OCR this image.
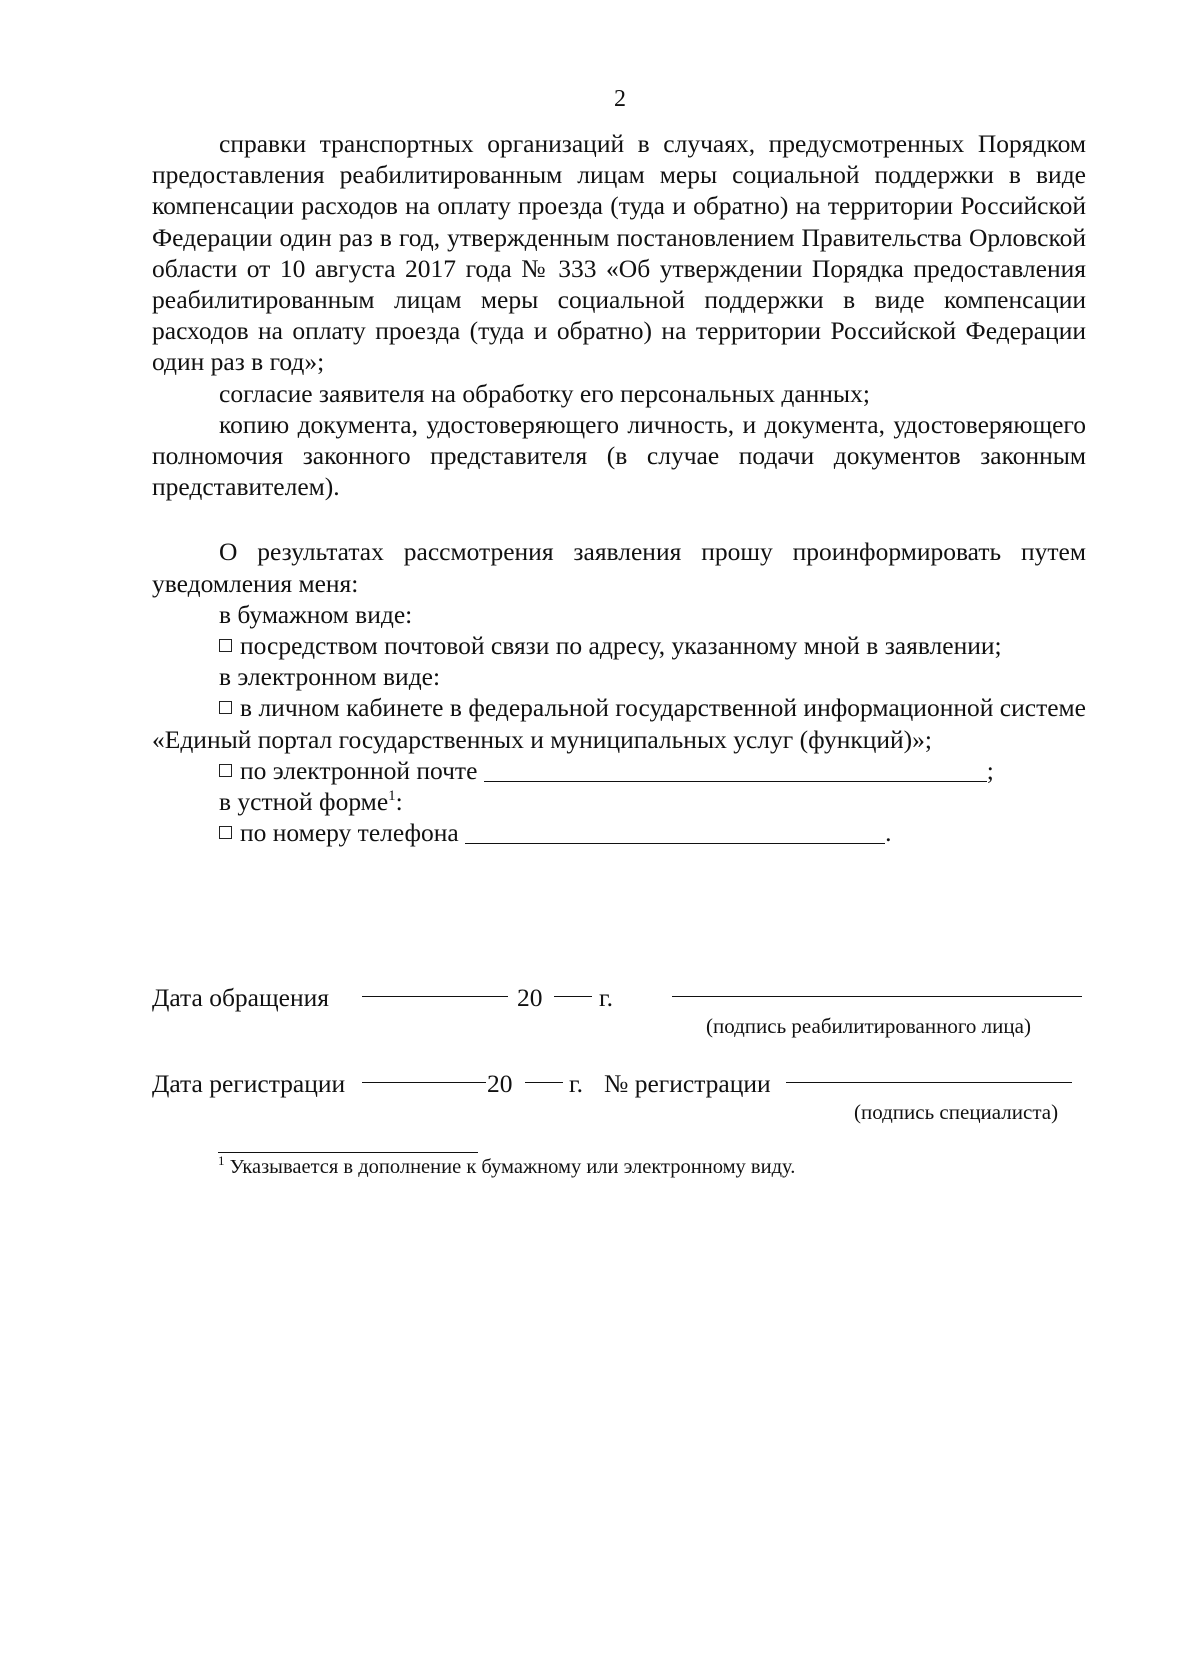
2

справки транспортных организаций в случаях, предусмотренных Порядком предоставления реабилитированным лицам меры социальной поддержки в виде компенсации расходов на оплату проезда (туда и обратно) на территории Российской Федерации один раз в год, утвержденным постановлением Правительства Орловской области от 10 августа 2017 года № 333 «Об утверждении Порядка предоставления реабилитированным лицам меры социальной поддержки в виде компенсации расходов на оплату проезда (туда и обратно) на территории Российской Федерации один раз в год»;

согласие заявителя на обработку его персональных данных;

копию документа, удостоверяющего личность, и документа, удостоверяющего полномочия законного представителя (в случае подачи документов законным представителем).

О результатах рассмотрения заявления прошу проинформировать путем уведомления меня:

в бумажном виде:

посредством почтовой связи по адресу, указанному мной в заявлении;

в электронном виде:

в личном кабинете в федеральной государственной информационной системе «Единый портал государственных и муниципальных услуг (функций)»;

по электронной почте	;

в устной форме$^1$:

по номеру телефона	.

Дата обращения	20 г.
(подпись реабилитированного лица)
Дата регистрации	20 г. № регистрации
(подпись специалиста)
$^1$ Указывается в дополнение к бумажному или электронному виду.
